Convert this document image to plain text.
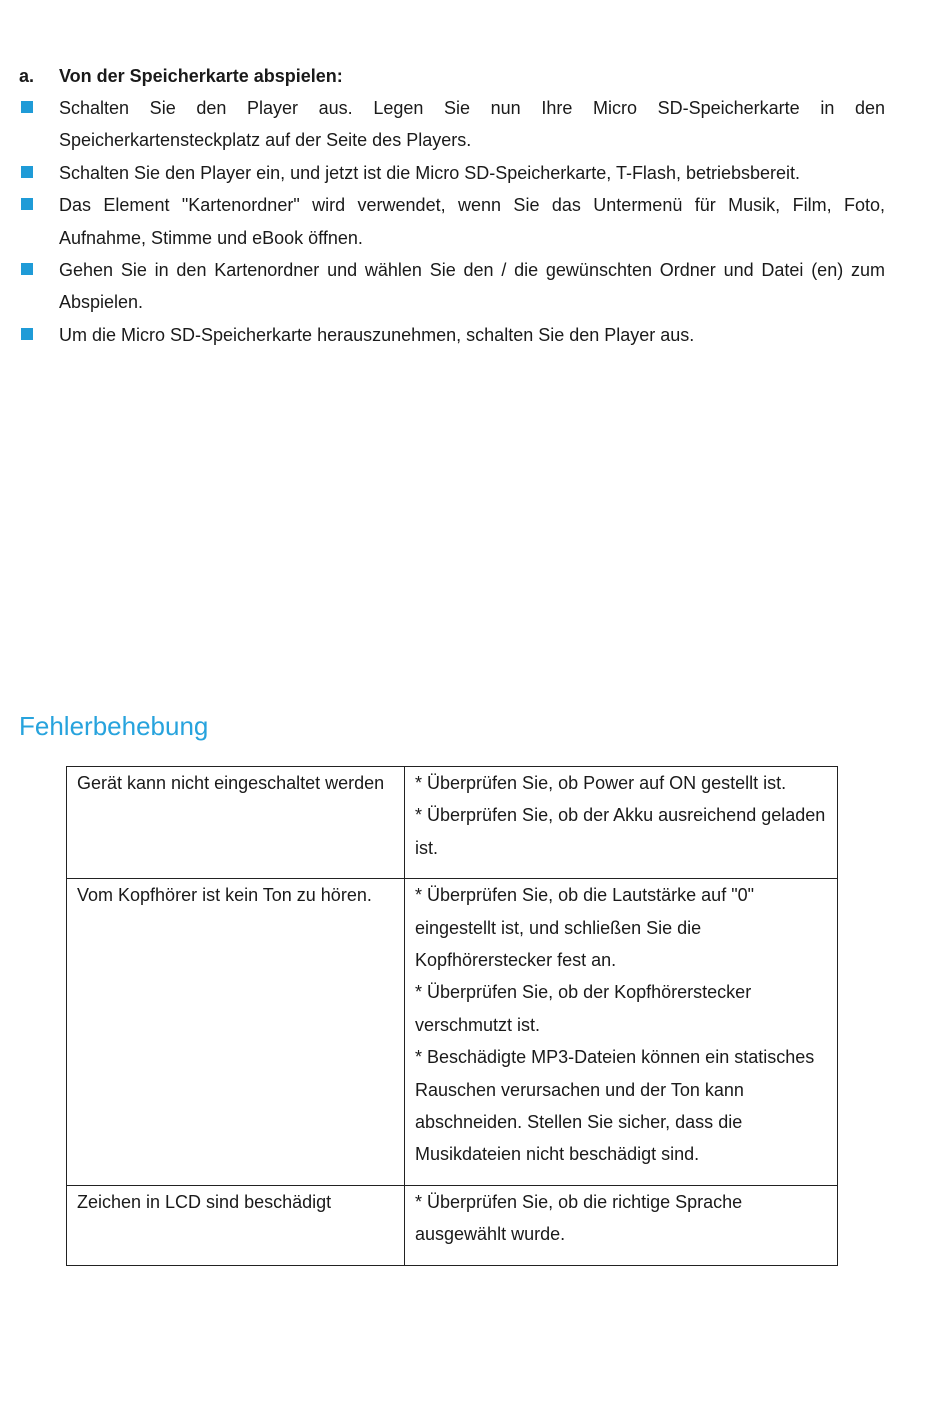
a. Von der Speicherkarte abspielen:
Schalten Sie den Player aus. Legen Sie nun Ihre Micro SD-Speicherkarte in den Speicherkartensteckplatz auf der Seite des Players.
Schalten Sie den Player ein, und jetzt ist die Micro SD-Speicherkarte, T-Flash, betriebsbereit.
Das Element "Kartenordner" wird verwendet, wenn Sie das Untermenü für Musik, Film, Foto, Aufnahme, Stimme und eBook öffnen.
Gehen Sie in den Kartenordner und wählen Sie den / die gewünschten Ordner und Datei (en) zum Abspielen.
Um die Micro SD-Speicherkarte herauszunehmen, schalten Sie den Player aus.
Fehlerbehebung
Gerät kann nicht eingeschaltet werden	* Überprüfen Sie, ob Power auf ON gestellt ist.
* Überprüfen Sie, ob der Akku ausreichend geladen ist.

Vom Kopfhörer ist kein Ton zu hören.	* Überprüfen Sie, ob die Lautstärke auf "0" eingestellt ist, und schließen Sie die Kopfhörerstecker fest an.
* Überprüfen Sie, ob der Kopfhörerstecker verschmutzt ist.
* Beschädigte MP3-Dateien können ein statisches Rauschen verursachen und der Ton kann abschneiden. Stellen Sie sicher, dass die Musikdateien nicht beschädigt sind.

Zeichen in LCD sind beschädigt	* Überprüfen Sie, ob die richtige Sprache ausgewählt wurde.
